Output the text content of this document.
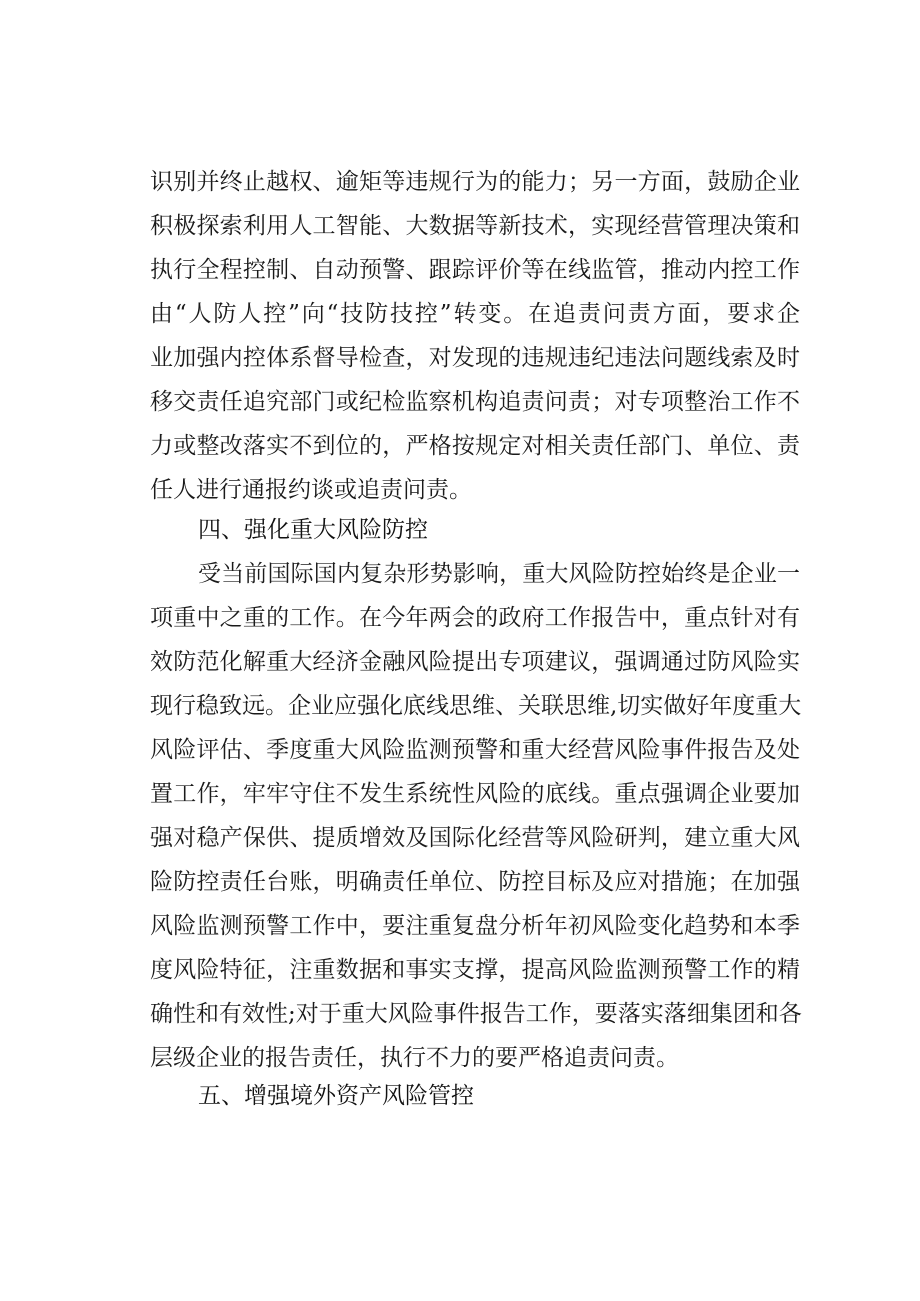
识别并终止越权、逾矩等违规行为的能力；另一方面，鼓励企业
积极探索利用人工智能、大数据等新技术，实现经营管理决策和
执行全程控制、自动预警、跟踪评价等在线监管，推动内控工作
由“人防人控”向“技防技控”转变。在追责问责方面，要求企
业加强内控体系督导检查，对发现的违规违纪违法问题线索及时
移交责任追究部门或纪检监察机构追责问责；对专项整治工作不
力或整改落实不到位的，严格按规定对相关责任部门、单位、责
任人进行通报约谈或追责问责。
四、强化重大风险防控
受当前国际国内复杂形势影响，重大风险防控始终是企业一
项重中之重的工作。在今年两会的政府工作报告中，重点针对有
效防范化解重大经济金融风险提出专项建议，强调通过防风险实
现行稳致远。企业应强化底线思维、关联思维,切实做好年度重大
风险评估、季度重大风险监测预警和重大经营风险事件报告及处
置工作，牢牢守住不发生系统性风险的底线。重点强调企业要加
强对稳产保供、提质增效及国际化经营等风险研判，建立重大风
险防控责任台账，明确责任单位、防控目标及应对措施；在加强
风险监测预警工作中，要注重复盘分析年初风险变化趋势和本季
度风险特征，注重数据和事实支撑，提高风险监测预警工作的精
确性和有效性;对于重大风险事件报告工作，要落实落细集团和各
层级企业的报告责任，执行不力的要严格追责问责。
五、增强境外资产风险管控
